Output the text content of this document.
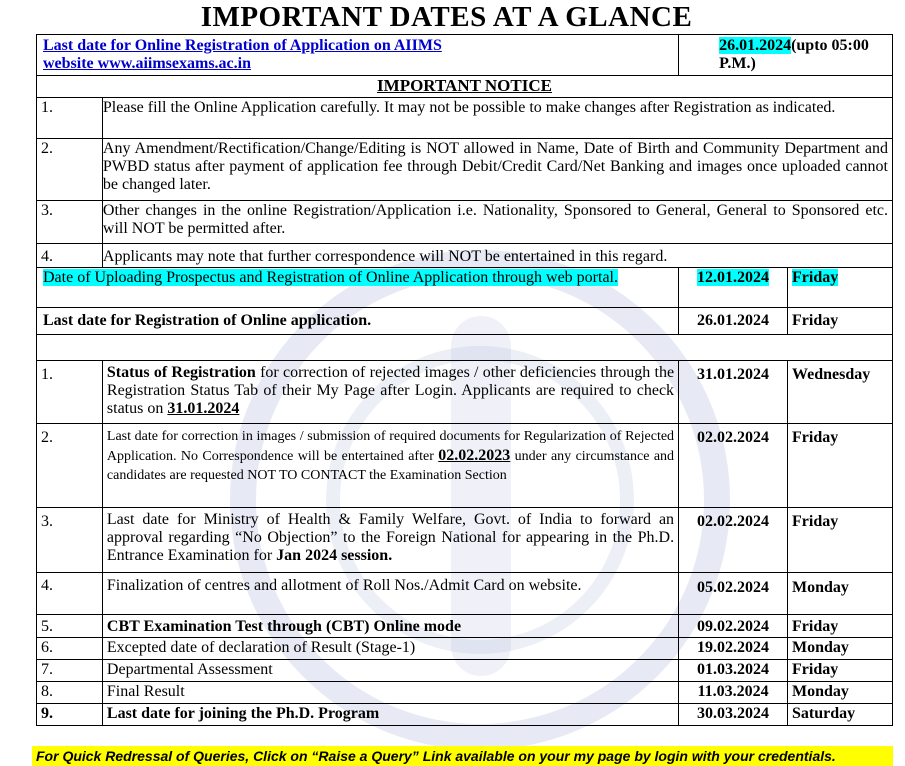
IMPORTANT DATES AT A GLANCE
Last date for Online Registration of Application on AIIMS
website www.aiimsexams.ac.in		26.01.2024(upto 05:00 P.M.)	
IMPORTANT NOTICE			
1.	Please fill the Online Application carefully. It may not be possible to make changes after Registration as indicated.		
2.	Any Amendment/Rectification/Change/Editing is NOT allowed in Name, Date of Birth and Community Department and PWBD status after payment of application fee through Debit/Credit Card/Net Banking and images once uploaded cannot be changed later.		
3.	Other changes in the online Registration/Application i.e. Nationality, Sponsored to General, General to Sponsored etc. will NOT be permitted after.		
4.	Applicants may note that further correspondence will NOT be entertained in this regard.		
Date of Uploading Prospectus and Registration of Online Application through web portal.		12.01.2024	Friday
Last date for Registration of Online application.		26.01.2024	Friday

1.	Status of Registration for correction of rejected images / other deficiencies through the Registration Status Tab of their My Page after Login. Applicants are required to check status on 31.01.2024	31.01.2024	Wednesday
2.	Last date for correction in images / submission of required documents for Regularization of Rejected Application. No Correspondence will be entertained after 02.02.2023 under any circumstance and candidates are requested NOT TO CONTACT the Examination Section	02.02.2024	Friday
3.	Last date for Ministry of Health & Family Welfare, Govt. of India to forward an approval regarding “No Objection” to the Foreign National for appearing in the Ph.D. Entrance Examination for Jan 2024 session.	02.02.2024	Friday
4.	Finalization of centres and allotment of Roll Nos./Admit Card on website.	05.02.2024	Monday
5.	CBT Examination Test through (CBT) Online mode	09.02.2024	Friday
6.	Excepted date of declaration of Result (Stage-1)	19.02.2024	Monday
7.	Departmental Assessment	01.03.2024	Friday
8.	Final Result	11.03.2024	Monday
9.	Last date for joining the Ph.D. Program	30.03.2024	Saturday
For Quick Redressal of Queries, Click on “Raise a Query” Link available on your my page by login with your credentials.
